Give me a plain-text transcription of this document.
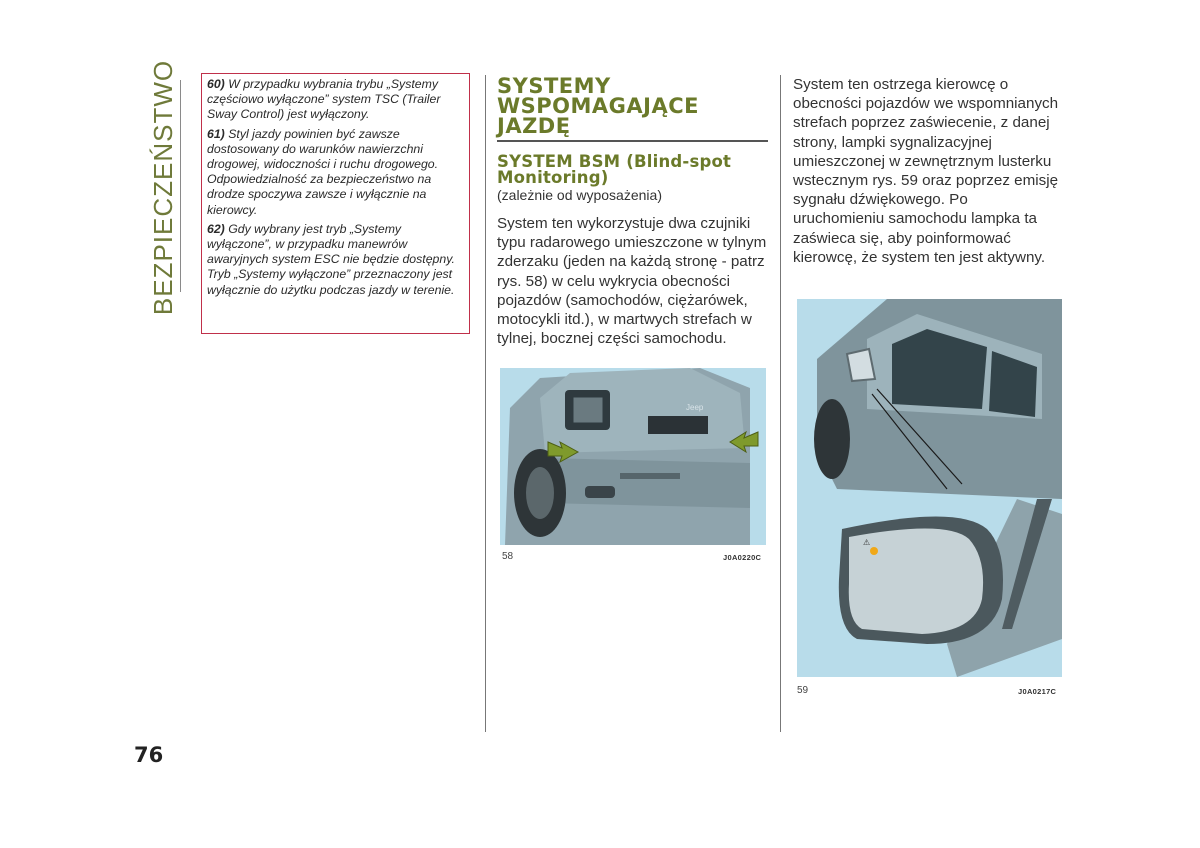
BEZPIECZEŃSTWO 60) W przypadku wybrania trybu „Systemy częściowo wyłączone” system TSC (Trailer Sway Control) jest wyłączony.

61) Styl jazdy powinien być zawsze dostosowany do warunków nawierzchni drogowej, widoczności i ruchu drogowego. Odpowiedzialność za bezpieczeństwo na drodze spoczywa zawsze i wyłącznie na kierowcy.

62) Gdy wybrany jest tryb „Systemy wyłączone”, w przypadku manewrów awaryjnych system ESC nie będzie dostępny. Tryb „Systemy wyłączone” przeznaczony jest wyłącznie do użytku podczas jazdy w terenie.

SYSTEMY WSPOMAGAJĄCE JAZDĘ
SYSTEM BSM (Blind-spot Monitoring)

(zależnie od wyposażenia)

System ten wykorzystuje dwa czujniki typu radarowego umieszczone w tylnym zderzaku (jeden na każdą stronę - patrz rys. 58) w celu wykrycia obecności pojazdów (samochodów, ciężarówek, motocykli itd.), w martwych strefach w tylnej, bocznej części samochodu.

Jeep
58	J0A0220C

System ten ostrzega kierowcę o obecności pojazdów we wspomnianych strefach poprzez zaświecenie, z danej strony, lampki sygnalizacyjnej umieszczonej w zewnętrznym lusterku wstecznym rys. 59 oraz poprzez emisję sygnału dźwiękowego. Po uruchomieniu samochodu lampka ta zaświeca się, aby poinformować kierowcę, że system ten jest aktywny.

⚠
59	J0A0217C
76
